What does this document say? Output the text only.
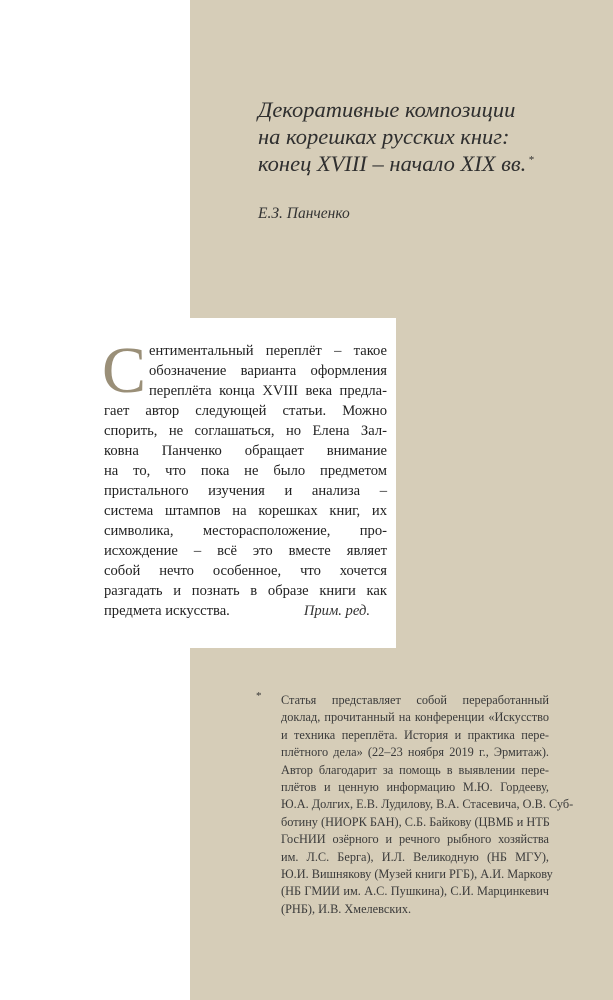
Декоративные композиции
на корешках русских книг:
конец XVIII – начало XIX вв. *
Е.З. Панченко
С ентиментальный переплёт – такое
обозначение варианта оформления
переплёта конца XVIII века предла-
гает автор следующей статьи. Можно
спорить, не соглашаться, но Елена Зал-
ковна Панченко обращает внимание
на то, что пока не было предметом
пристального изучения и анализа –
система штампов на корешках книг, их
символика, месторасположение, про-
исхождение – всё это вместе являет
собой нечто особенное, что хочется
разгадать и познать в образе книги как
предмета искусства.	Прим. ред.
* Статья представляет собой переработанный
доклад, прочитанный на конференции «Искусство
и техника переплёта. История и практика пере-
плётного дела» (22–23 ноября 2019 г., Эрмитаж).
Автор благодарит за помощь в выявлении пере-
плётов и ценную информацию М.Ю. Гордееву,
Ю.А. Долгих, Е.В. Лудилову, В.А. Стасевича, О.В. Суб-
ботину (НИОРК БАН), С.Б. Байкову (ЦВМБ и НТБ
ГосНИИ озёрного и речного рыбного хозяйства
им. Л.С. Берга), И.Л. Великодную (НБ МГУ),
Ю.И. Вишнякову (Музей книги РГБ), А.И. Маркову
(НБ ГМИИ им. А.С. Пушкина), С.И. Марцинкевич
(РНБ), И.В. Хмелевских.
